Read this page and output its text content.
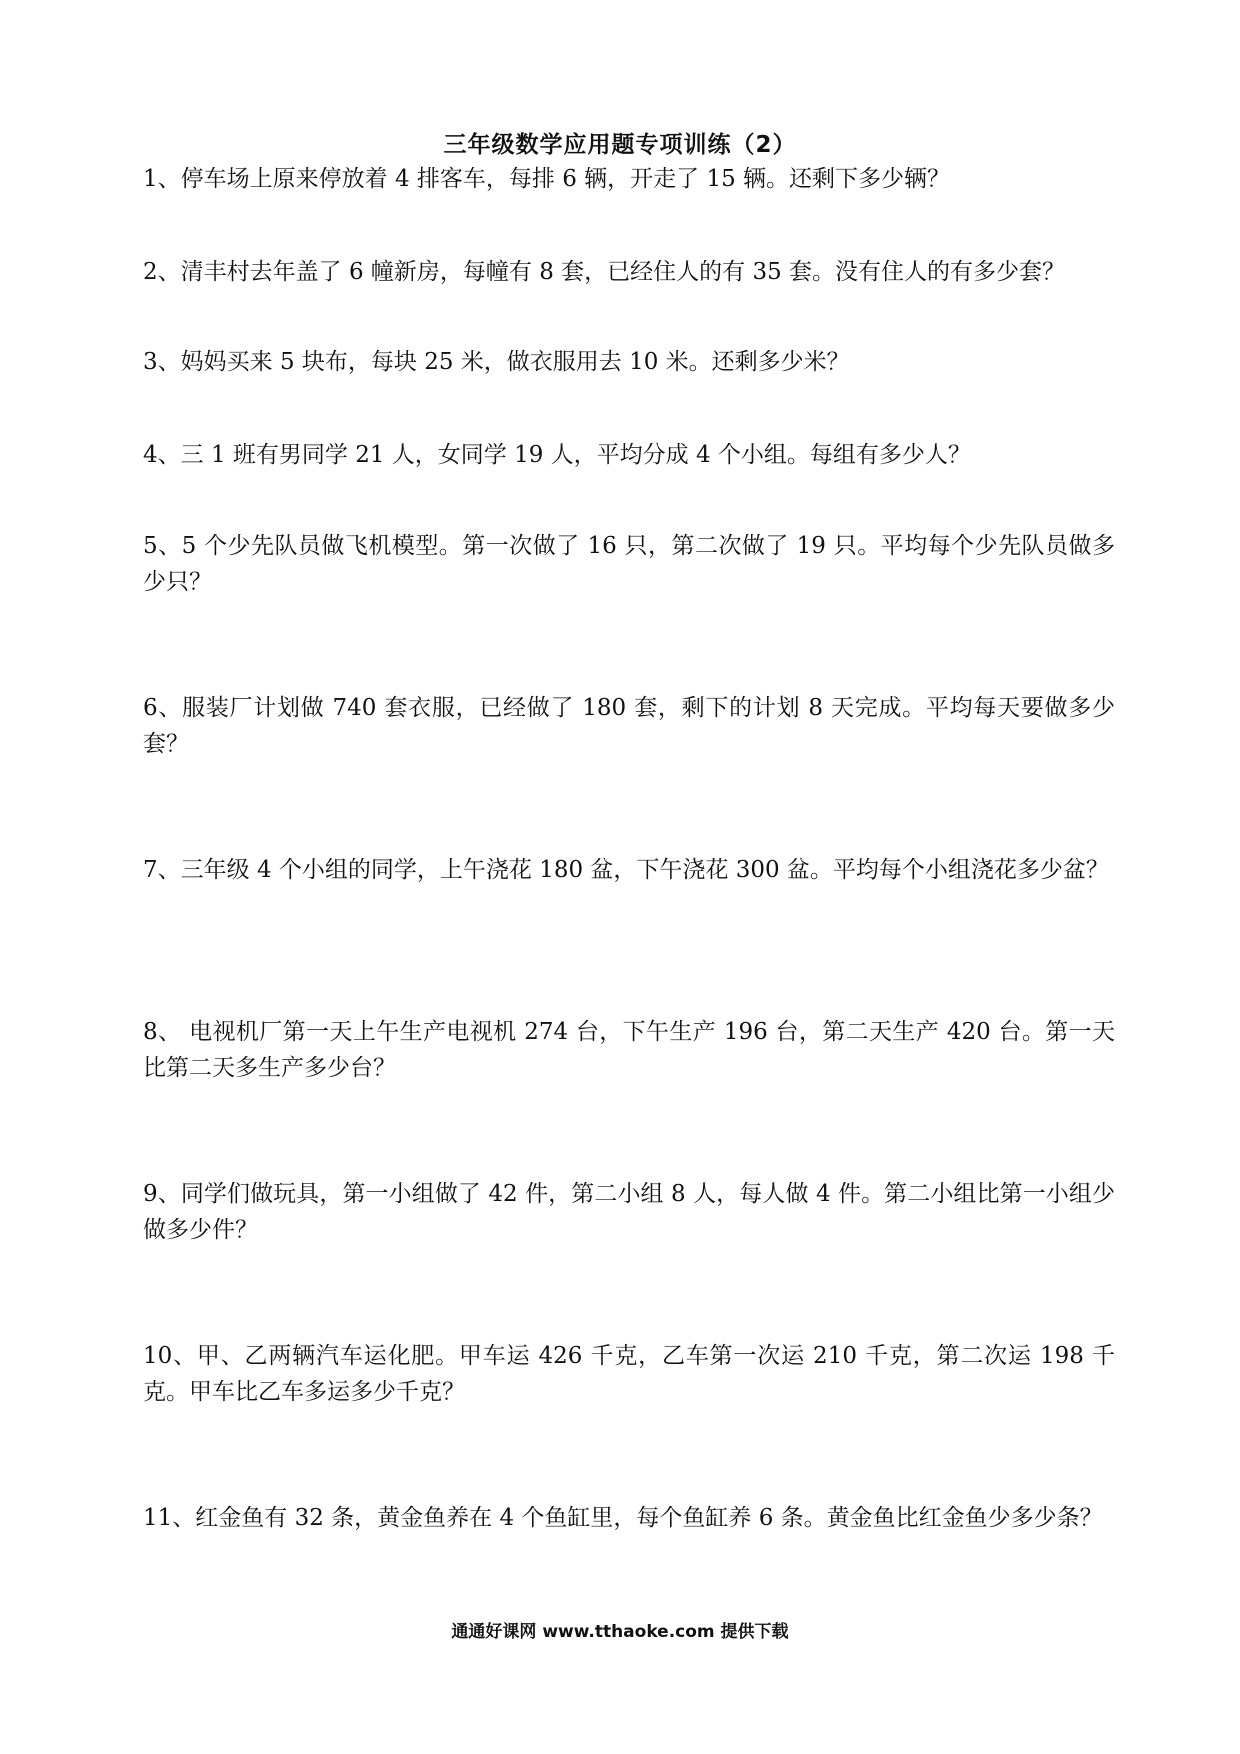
三年级数学应用题专项训练（2）
1、停车场上原来停放着 4 排客车，每排 6 辆，开走了 15 辆。还剩下多少辆？
2、清丰村去年盖了 6 幢新房，每幢有 8 套，已经住人的有 35 套。没有住人的有多少套？
3、妈妈买来 5 块布，每块 25 米，做衣服用去 10 米。还剩多少米？
4、三 1 班有男同学 21 人，女同学 19 人，平均分成 4 个小组。每组有多少人？
5、5 个少先队员做飞机模型。第一次做了 16 只，第二次做了 19 只。平均每个少先队员做多少只？
6、服装厂计划做 740 套衣服，已经做了 180 套，剩下的计划 8 天完成。平均每天要做多少套？
7、三年级 4 个小组的同学，上午浇花 180 盆，下午浇花 300 盆。平均每个小组浇花多少盆？
8、 电视机厂第一天上午生产电视机 274 台，下午生产 196 台，第二天生产 420 台。第一天比第二天多生产多少台？
9、同学们做玩具，第一小组做了 42 件，第二小组 8 人，每人做 4 件。第二小组比第一小组少做多少件？
10、甲、乙两辆汽车运化肥。甲车运 426 千克，乙车第一次运 210 千克，第二次运 198 千克。甲车比乙车多运多少千克？
11、红金鱼有 32 条，黄金鱼养在 4 个鱼缸里，每个鱼缸养 6 条。黄金鱼比红金鱼少多少条？
通通好课网 www.tthaoke.com 提供下载
